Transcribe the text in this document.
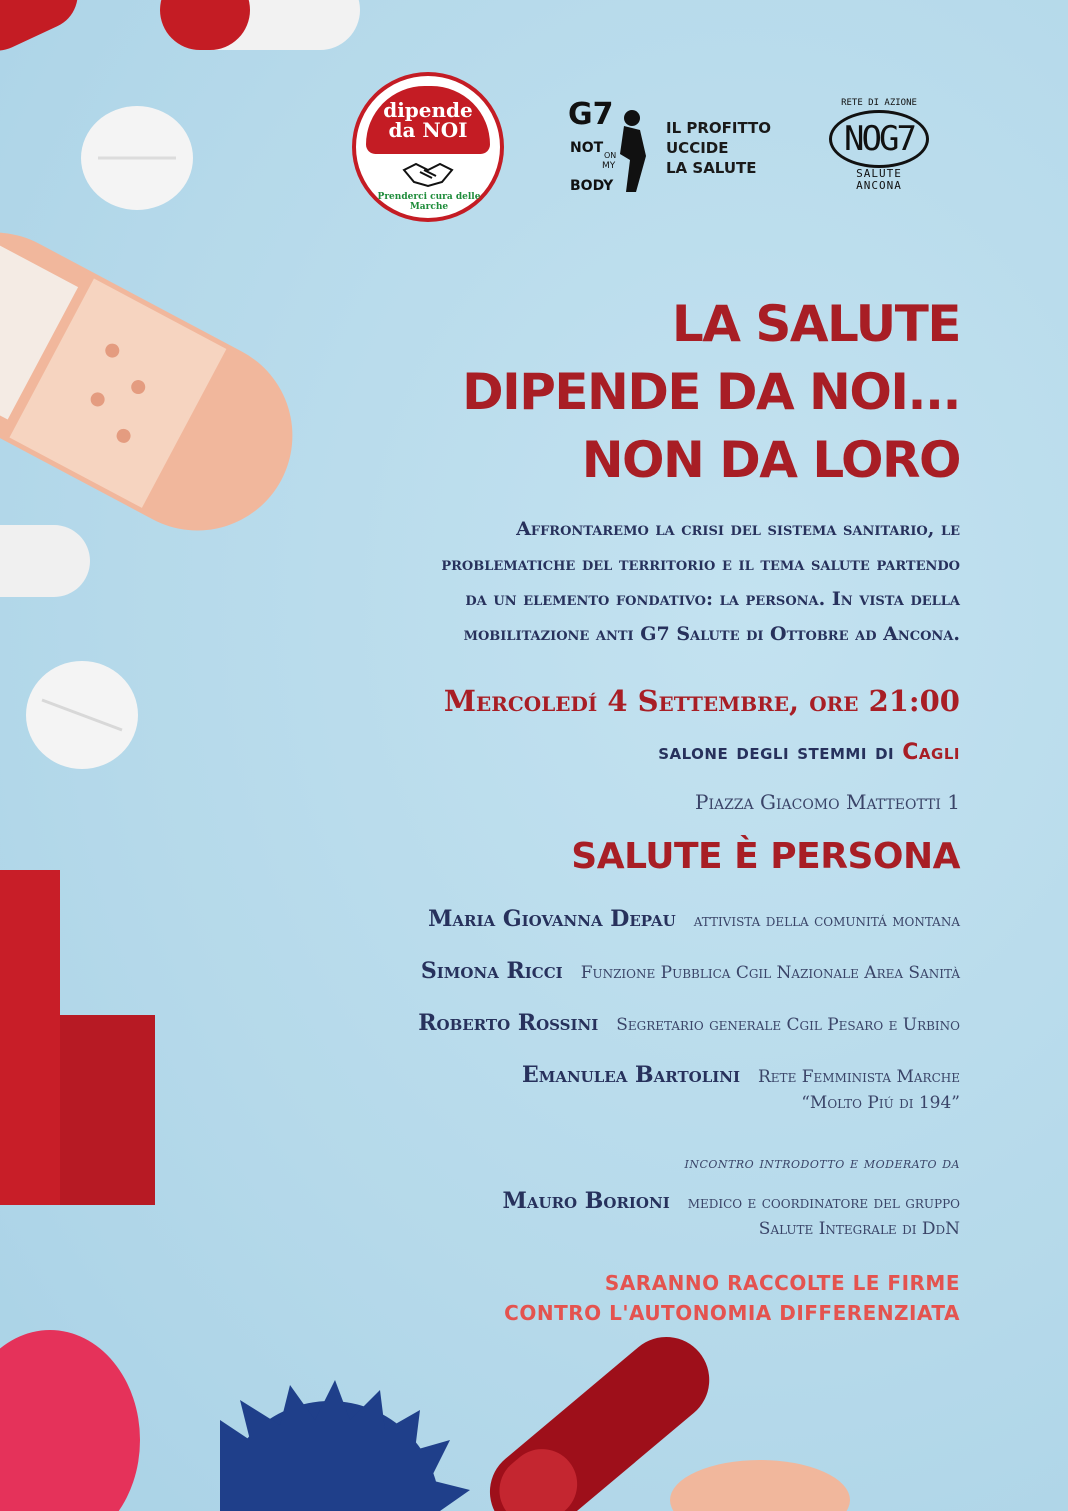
dipende
da NOI
Prenderci cura delle Marche
G7
NOT ON
MY
BODY
IL PROFITTO
UCCIDE
LA SALUTE
RETE DI AZIONE
NOG7
SALUTE
ANCONA
LA SALUTE
DIPENDE DA NOI...
NON DA LORO
Affrontaremo la crisi del sistema sanitario, le
problematiche del territorio e il tema salute partendo
da un elemento fondativo: la persona. In vista della
mobilitazione anti G7 Salute di Ottobre ad Ancona.
Mercoledí 4 Settembre, ore 21:00
salone degli stemmi di Cagli
Piazza Giacomo Matteotti 1
SALUTE È PERSONA
Maria Giovanna Depau attivista della comunitá montana
Simona Ricci Funzione Pubblica Cgil Nazionale Area Sanità
Roberto Rossini Segretario generale Cgil Pesaro e Urbino
Emanulea Bartolini Rete Femminista Marche
“Molto Piú di 194”
incontro introdotto e moderato da
Mauro Borioni medico e coordinatore del gruppo
Salute Integrale di DdN
SARANNO RACCOLTE LE FIRME
CONTRO L'AUTONOMIA DIFFERENZIATA
